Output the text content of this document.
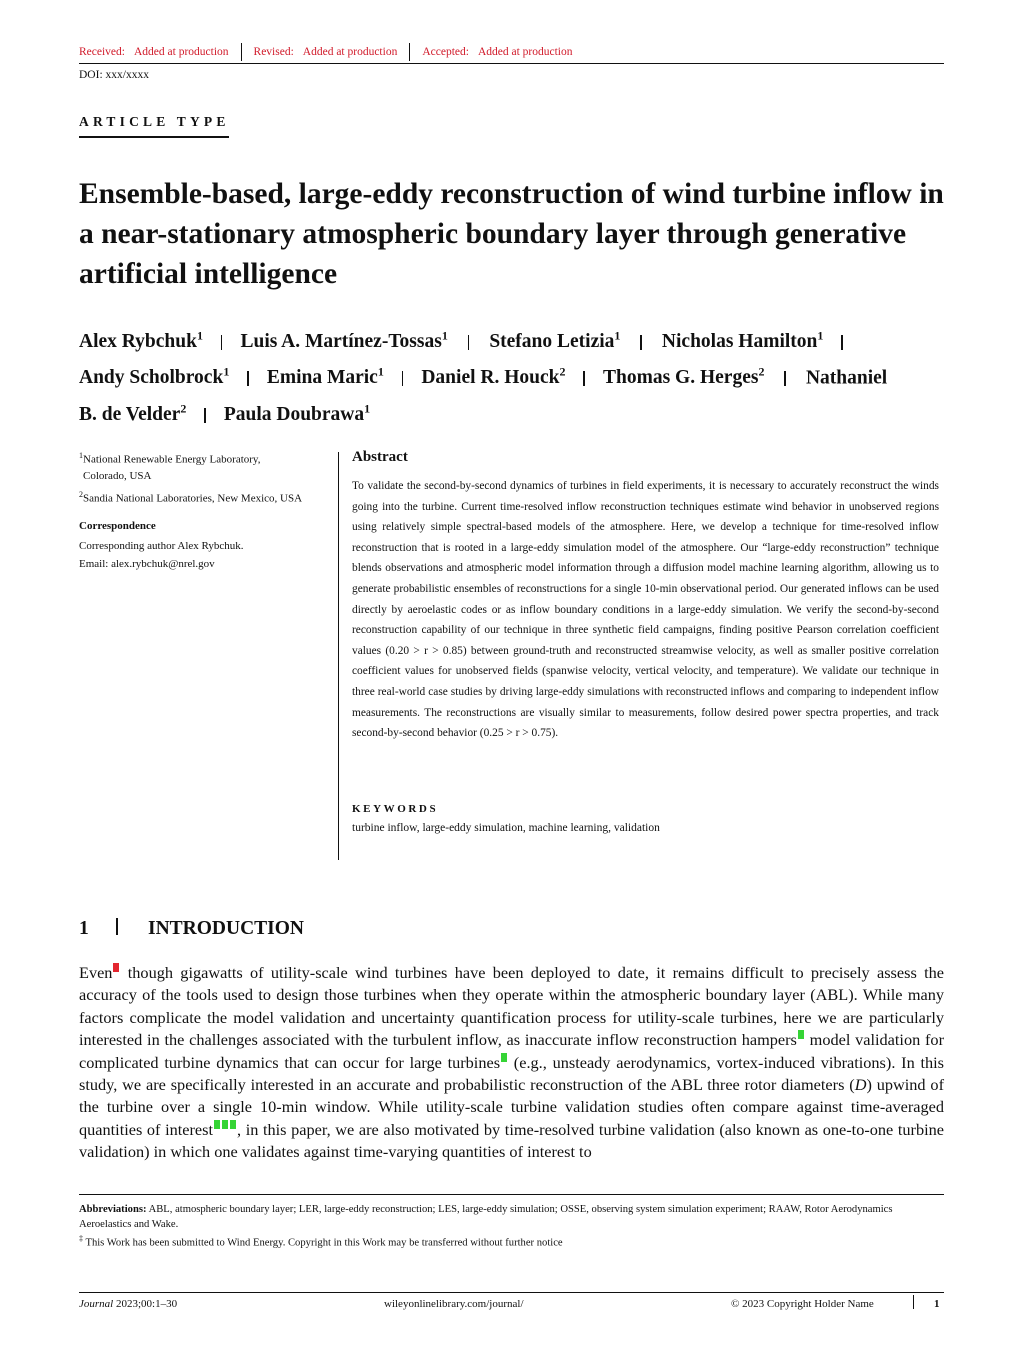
Received: Added at production Revised: Added at production Accepted: Added at production
DOI: xxx/xxxx
ARTICLE TYPE
Ensemble-based, large-eddy reconstruction of wind turbine inflow in a near-stationary atmospheric boundary layer through generative artificial intelligence
Alex Rybchuk$^1$ Luis A. Martínez-Tossas$^1$ Stefano Letizia$^1$ Nicholas Hamilton$^1$
Andy Scholbrock$^1$ Emina Maric$^1$ Daniel R. Houck$^2$ Thomas G. Herges$^2$ Nathaniel
B. de Velder$^2$ Paula Doubrawa$^1$
$^1$National Renewable Energy Laboratory,
Colorado, USA
$^2$Sandia National Laboratories, New Mexico, USA
Correspondence
Corresponding author Alex Rybchuk.
Email: alex.rybchuk@nrel.gov
Abstract
To validate the second-by-second dynamics of turbines in field experiments, it is necessary to accurately reconstruct the winds going into the turbine. Current time-resolved inflow reconstruction techniques estimate wind behavior in unobserved regions using relatively simple spectral-based models of the atmosphere. Here, we develop a technique for time-resolved inflow reconstruction that is rooted in a large-eddy simulation model of the atmosphere. Our “large-eddy reconstruction” technique blends observations and atmospheric model information through a diffusion model machine learning algorithm, allowing us to generate probabilistic ensembles of reconstructions for a single 10-min observational period. Our generated inflows can be used directly by aeroelastic codes or as inflow boundary conditions in a large-eddy simulation. We verify the second-by-second reconstruction capability of our technique in three synthetic field campaigns, finding positive Pearson correlation coefficient values (0.20 > r > 0.85) between ground-truth and reconstructed streamwise velocity, as well as smaller positive correlation coefficient values for unobserved fields (spanwise velocity, vertical velocity, and temperature). We validate our technique in three real-world case studies by driving large-eddy simulations with reconstructed inflows and comparing to independent inflow measurements. The reconstructions are visually similar to measurements, follow desired power spectra properties, and track second-by-second behavior (0.25 > r > 0.75).
KEYWORDS
turbine inflow, large-eddy simulation, machine learning, validation
1	INTRODUCTION
Even though gigawatts of utility-scale wind turbines have been deployed to date, it remains difficult to precisely assess the accuracy of the tools used to design those turbines when they operate within the atmospheric boundary layer (ABL). While many factors complicate the model validation and uncertainty quantification process for utility-scale turbines, here we are particularly interested in the challenges associated with the turbulent inflow, as inaccurate inflow reconstruction hampers model validation for complicated turbine dynamics that can occur for large turbines (e.g., unsteady aerodynamics, vortex-induced vibrations). In this study, we are specifically interested in an accurate and probabilistic reconstruction of the ABL three rotor diameters (D) upwind of the turbine over a single 10-min window. While utility-scale turbine validation studies often compare against time-averaged quantities of interest , in this paper, we are also motivated by time-resolved turbine validation (also known as one-to-one turbine validation) in which one validates against time-varying quantities of interest to
Abbreviations: ABL, atmospheric boundary layer; LER, large-eddy reconstruction; LES, large-eddy simulation; OSSE, observing system simulation experiment; RAAW, Rotor Aerodynamics Aeroelastics and Wake.
‡ This Work has been submitted to Wind Energy. Copyright in this Work may be transferred without further notice
Journal 2023;00:1–30	wileyonlinelibrary.com/journal/	© 2023 Copyright Holder Name	1
